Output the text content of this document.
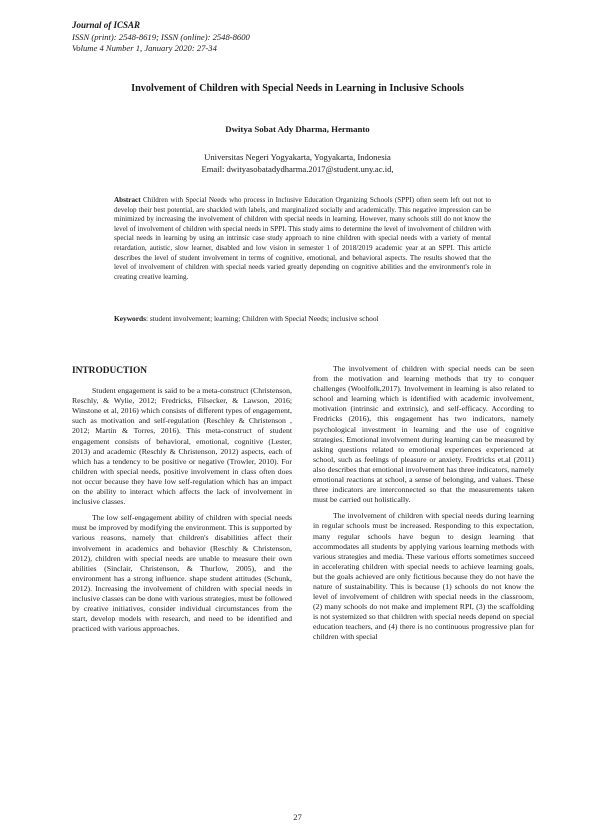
Journal of ICSAR
ISSN (print): 2548-8619; ISSN (online): 2548-8600
Volume 4 Number 1, January 2020: 27-34
Involvement of Children with Special Needs in Learning in Inclusive Schools
Dwitya Sobat Ady Dharma, Hermanto
Universitas Negeri Yogyakarta, Yogyakarta, Indonesia
Email: dwityasobatadydharma.2017@student.uny.ac.id,
Abstract Children with Special Needs who process in Inclusive Education Organizing Schools (SPPI) often seem left out not to develop their best potential, are shackled with labels, and marginalized socially and academically. This negative impression can be minimized by increasing the involvement of children with special needs in learning. However, many schools still do not know the level of involvement of children with special needs in SPPI. This study aims to determine the level of involvement of children with special needs in learning by using an intrinsic case study approach to nine children with special needs with a variety of mental retardation, autistic, slow learner, disabled and low vision in semester 1 of 2018/2019 academic year at an SPPI. This article describes the level of student involvement in terms of cognitive, emotional, and behavioral aspects. The results showed that the level of involvement of children with special needs varied greatly depending on cognitive abilities and the environment's role in creating creative learning.
Keywords: student involvement; learning; Children with Special Needs; inclusive school
INTRODUCTION

Student engagement is said to be a meta-construct (Christenson, Reschly, & Wylie, 2012; Fredricks, Filsecker, & Lawson, 2016; Winstone et al, 2016) which consists of different types of engagement, such as motivation and self-regulation (Reschley & Christenson , 2012; Martin & Torres, 2016). This meta-construct of student engagement consists of behavioral, emotional, cognitive (Lester, 2013) and academic (Reschly & Christenson, 2012) aspects, each of which has a tendency to be positive or negative (Trowler, 2010). For children with special needs, positive involvement in class often does not occur because they have low self-regulation which has an impact on the ability to interact which affects the lack of involvement in inclusive classes.

The low self-engagement ability of children with special needs must be improved by modifying the environment. This is supported by various reasons, namely that children's disabilities affect their involvement in academics and behavior (Reschly & Christenson, 2012), children with special needs are unable to measure their own abilities (Sinclair, Christenson, & Thurlow, 2005), and the environment has a strong influence. shape student attitudes (Schunk, 2012). Increasing the involvement of children with special needs in inclusive classes can be done with various strategies, must be followed by creative initiatives, consider individual circumstances from the start, develop models with research, and need to be identified and practiced with various approaches.

The involvement of children with special needs can be seen from the motivation and learning methods that try to conquer challenges (Woolfolk,2017). Involvement in learning is also related to school and learning which is identified with academic involvement, motivation (intrinsic and extrinsic), and self-efficacy. According to Fredricks (2016), this engagement has two indicators, namely psychological investment in learning and the use of cognitive strategies. Emotional involvement during learning can be measured by asking questions related to emotional experiences experienced at school, such as feelings of pleasure or anxiety. Fredricks et.al (2011) also describes that emotional involvement has three indicators, namely emotional reactions at school, a sense of belonging, and values. These three indicators are interconnected so that the measurements taken must be carried out holistically.

The involvement of children with special needs during learning in regular schools must be increased. Responding to this expectation, many regular schools have begun to design learning that accommodates all students by applying various learning methods with various strategies and media. These various efforts sometimes succeed in accelerating children with special needs to achieve learning goals, but the goals achieved are only fictitious because they do not have the nature of sustainability. This is because (1) schools do not know the level of involvement of children with special needs in the classroom, (2) many schools do not make and implement RPI, (3) the scaffolding is not systemized so that children with special needs depend on special education teachers, and (4) there is no continuous progressive plan for children with special

27
